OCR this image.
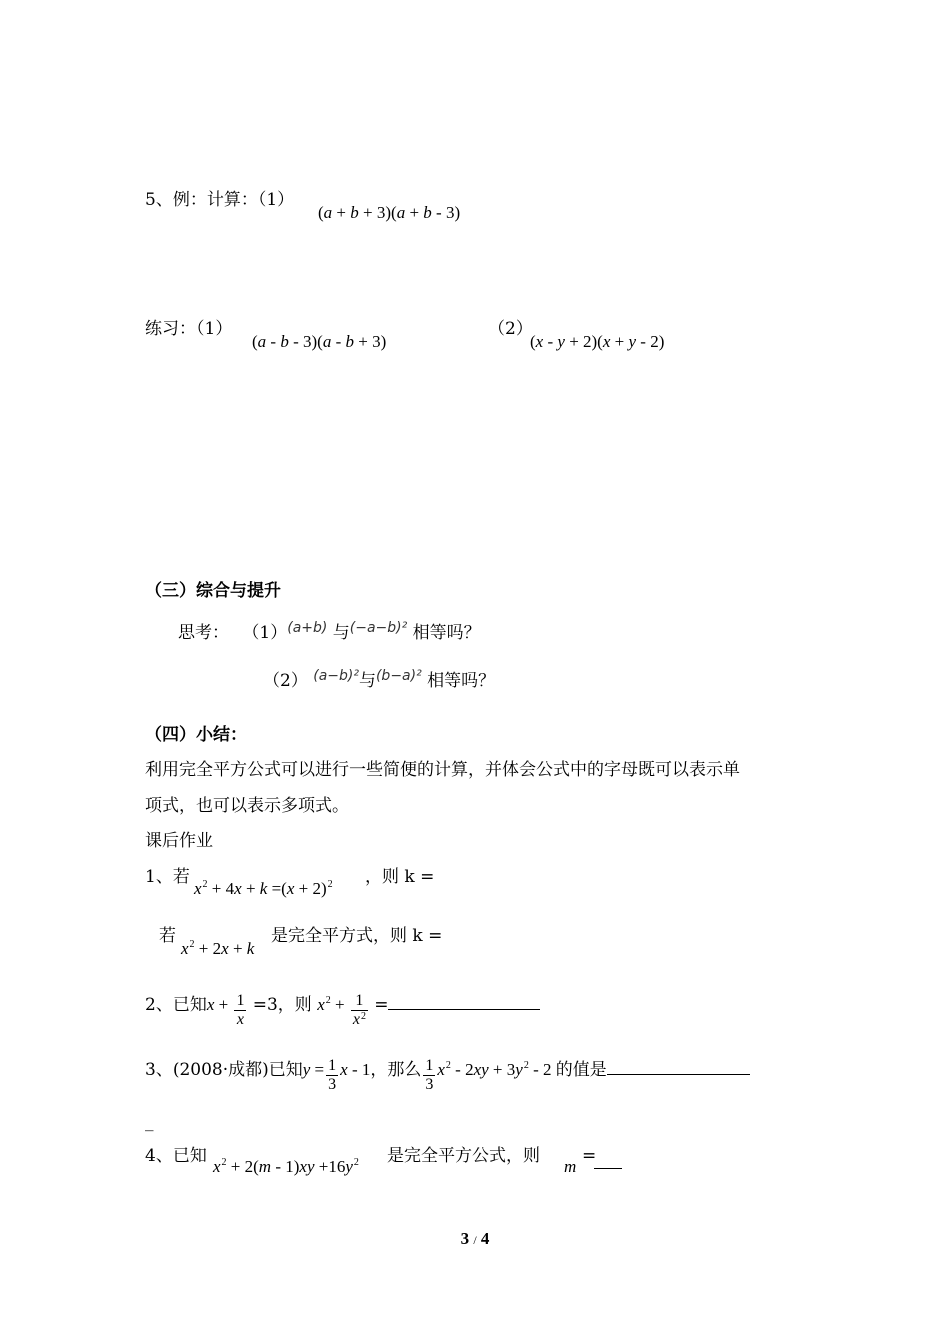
5、例：计算：（1）
(a + b + 3)(a + b - 3)
练习：（1）
(a - b - 3)(a - b + 3)
（2）
(x - y + 2)(x + y - 2)
（三）综合与提升
思考： $(1)^{(a+b)}$ 与$^{(-a-b)^2}$ 相等吗？
（2） $^{(a-b)^2}$与$^{(b-a)^2}$ 相等吗？
（四）小结：
利用完全平方公式可以进行一些简便的计算，并体会公式中的字母既可以表示单
项式，也可以表示多项式。
课后作业
1、若
$x^2 + 4x + k =(x + 2)^2$ ，则 k =
若
$x^2 + 2x + k$
是完全平方式，则 k =
2、已知$x + \frac{1}{x} =3$，则 $x^2 + \frac{1}{x^2}$ =
3、(2008·成都)已知$y = \frac{1}{3}$ x - 1，那么 $\frac{1}{3} x^2 - 2xy + 3y^2 - 2$ 的值是
_
4、已知
$x^2 + 2(m - 1)xy +16y^2$ 是完全平方公式，则
m
=
3 / 4
